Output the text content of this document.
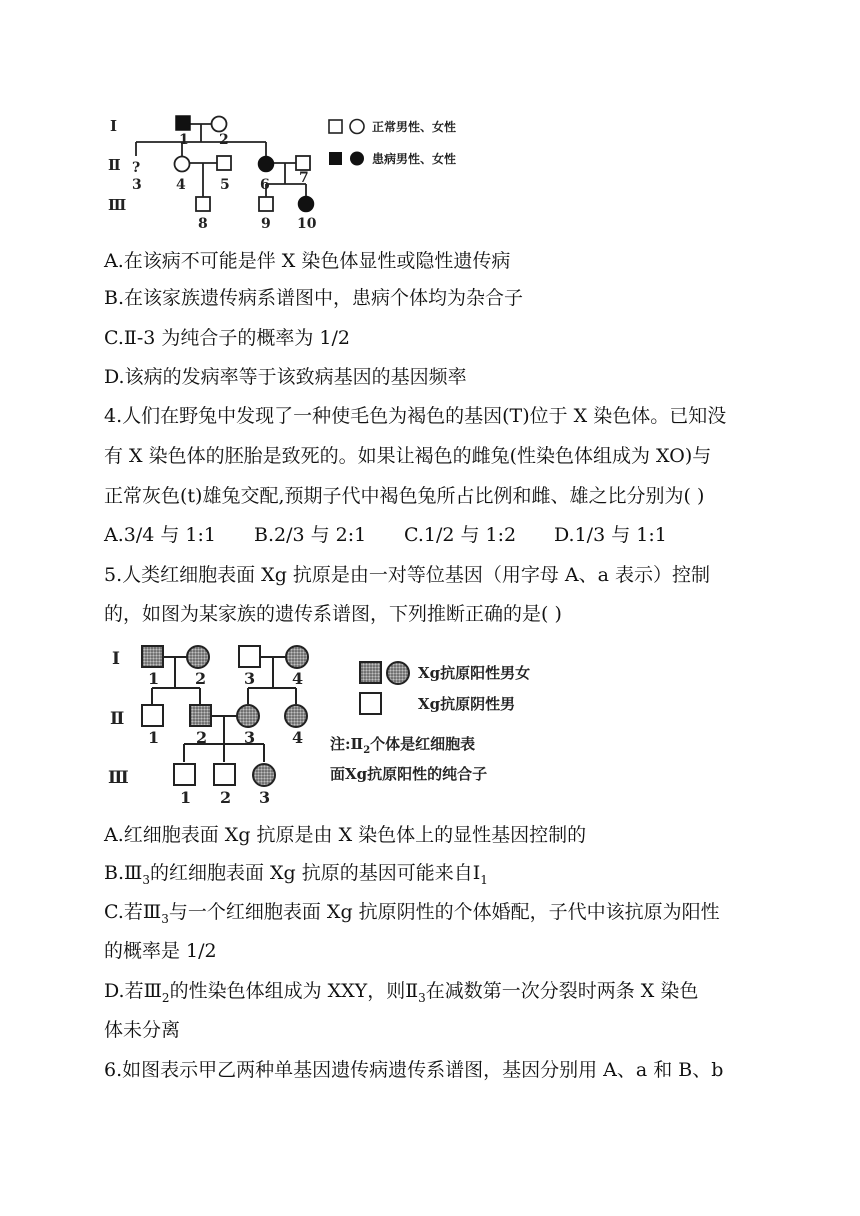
Ⅰ
Ⅱ
Ⅲ
1 2
?
3 4 5 6 7
8	9 10
正常男性、女性
患病男性、女性
A.在该病不可能是伴 X 染色体显性或隐性遗传病
B.在该家族遗传病系谱图中，患病个体均为杂合子
C.Ⅱ-3 为纯合子的概率为 1/2
D.该病的发病率等于该致病基因的基因频率
4.人们在野兔中发现了一种使毛色为褐色的基因(T)位于 X 染色体。已知没
有 X 染色体的胚胎是致死的。如果让褐色的雌兔(性染色体组成为 XO)与
正常灰色(t)雄兔交配,预期子代中褐色兔所占比例和雌、雄之比分别为( )
A.3/4 与 1:1 B.2/3 与 2:1 C.1/2 与 1:2 D.1/3 与 1:1
5.人类红细胞表面 Xg 抗原是由一对等位基因（用字母 A、a 表示）控制
的，如图为某家族的遗传系谱图，下列推断正确的是( )
Ⅰ
Ⅱ
Ⅲ
1 2 3 4
1 2 3 4
1 2 3
Xg抗原阳性男女
Xg抗原阴性男
注$:Ⅱ_2$个体是红细胞表
面Xg抗原阳性的纯合子
A.红细胞表面 Xg 抗原是由 X 染色体上的显性基因控制的
$B.Ⅲ_3$的红细胞表面 Xg 抗原的基因可能来自$Ⅰ_1$
C.若$Ⅲ_3$与一个红细胞表面 Xg 抗原阴性的个体婚配，子代中该抗原为阳性
的概率是 1/2
D.若$Ⅲ_2$的性染色体组成为 XXY，则$Ⅱ_3$在减数第一次分裂时两条 X 染色
体未分离
6.如图表示甲乙两种单基因遗传病遗传系谱图，基因分别用 A、a 和 B、b
